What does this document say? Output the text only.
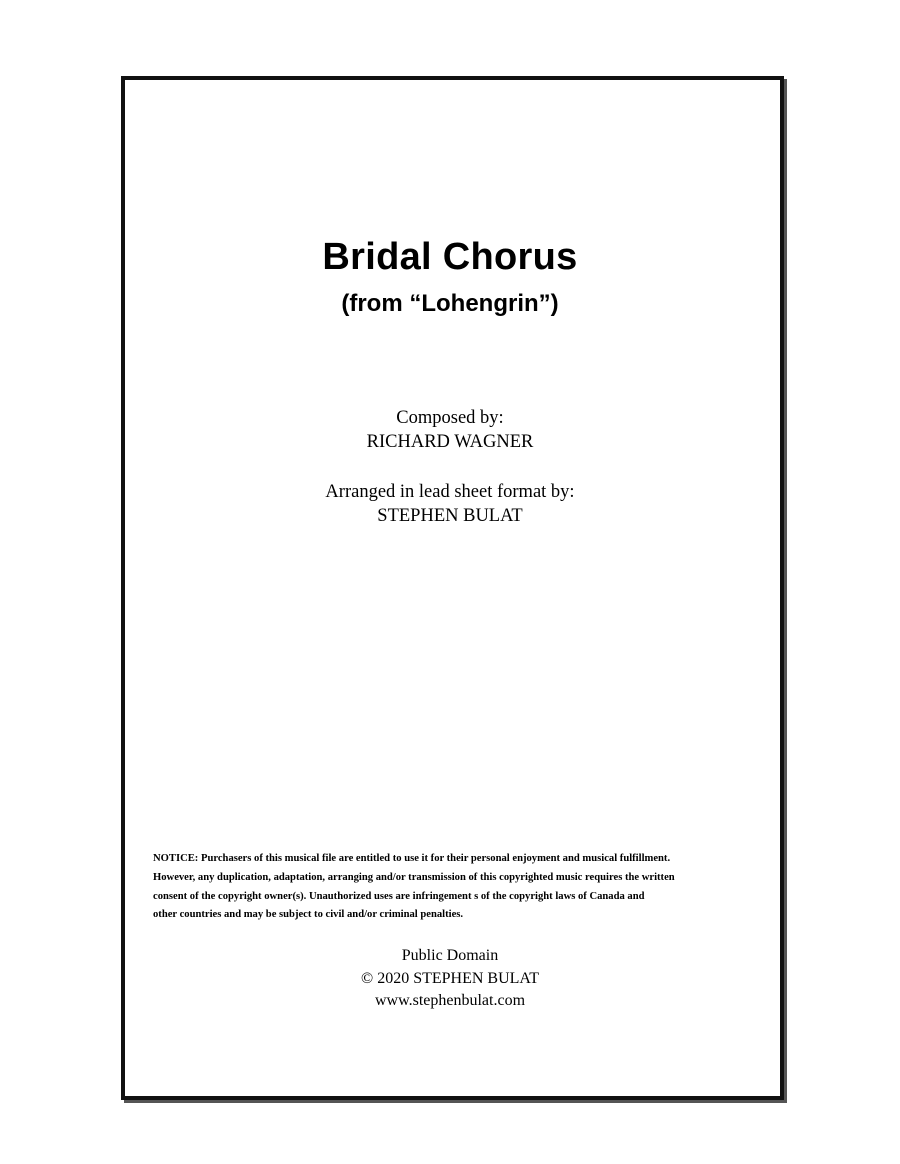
Bridal Chorus
(from “Lohengrin”)
Composed by:
RICHARD WAGNER
Arranged in lead sheet format by:
STEPHEN BULAT
NOTICE: Purchasers of this musical file are entitled to use it for their personal enjoyment and musical fulfillment.
However, any duplication, adaptation, arranging and/or transmission of this copyrighted music requires the written
consent of the copyright owner(s). Unauthorized uses are infringement s of the copyright laws of Canada and
other countries and may be subject to civil and/or criminal penalties.
Public Domain
© 2020 STEPHEN BULAT
www.stephenbulat.com
